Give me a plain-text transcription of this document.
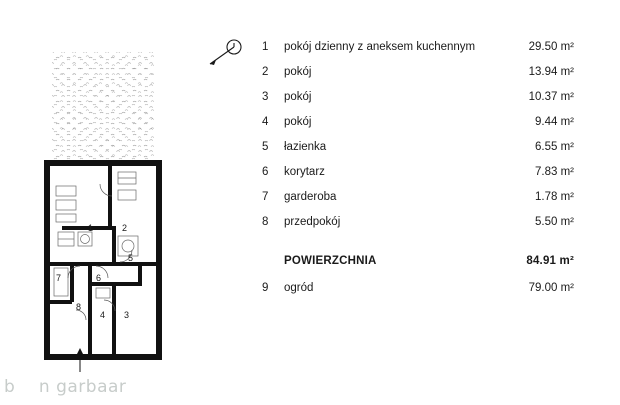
1	2
3
4
5
6
7
8
1	pokój dzienny z aneksem kuchennym	29.50 m²
2	pokój	13.94 m²
3	pokój	10.37 m²
4	pokój	9.44 m²
5	łazienka	6.55 m²
6	korytarz	7.83 m²
7	garderoba	1.78 m²
8	przedpokój	5.50 m²
POWIERZCHNIA	84.91 m²
9	ogród	79.00 m²
b    n garbaar
